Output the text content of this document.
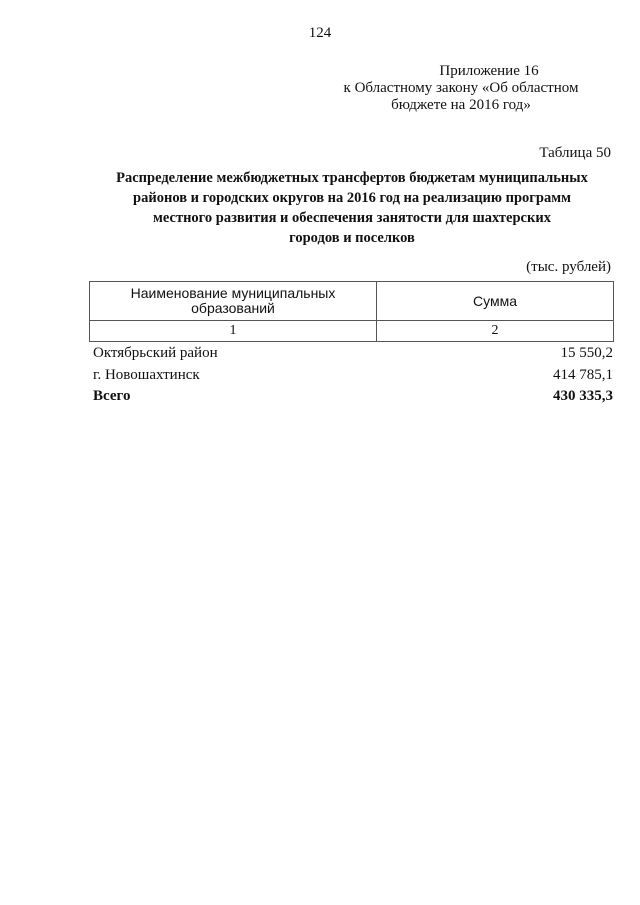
124
Приложение 16
к Областному закону «Об областном
бюджете на 2016 год»
Таблица 50
Распределение межбюджетных трансфертов бюджетам муниципальных
районов и городских округов на 2016 год на реализацию программ
местного развития и обеспечения занятости для шахтерских
городов и поселков
(тыс. рублей)
Наименование муниципальных
образований	Сумма
1	2
Октябрьский район	15 550,2
г. Новошахтинск	414 785,1
Всего	430 335,3
